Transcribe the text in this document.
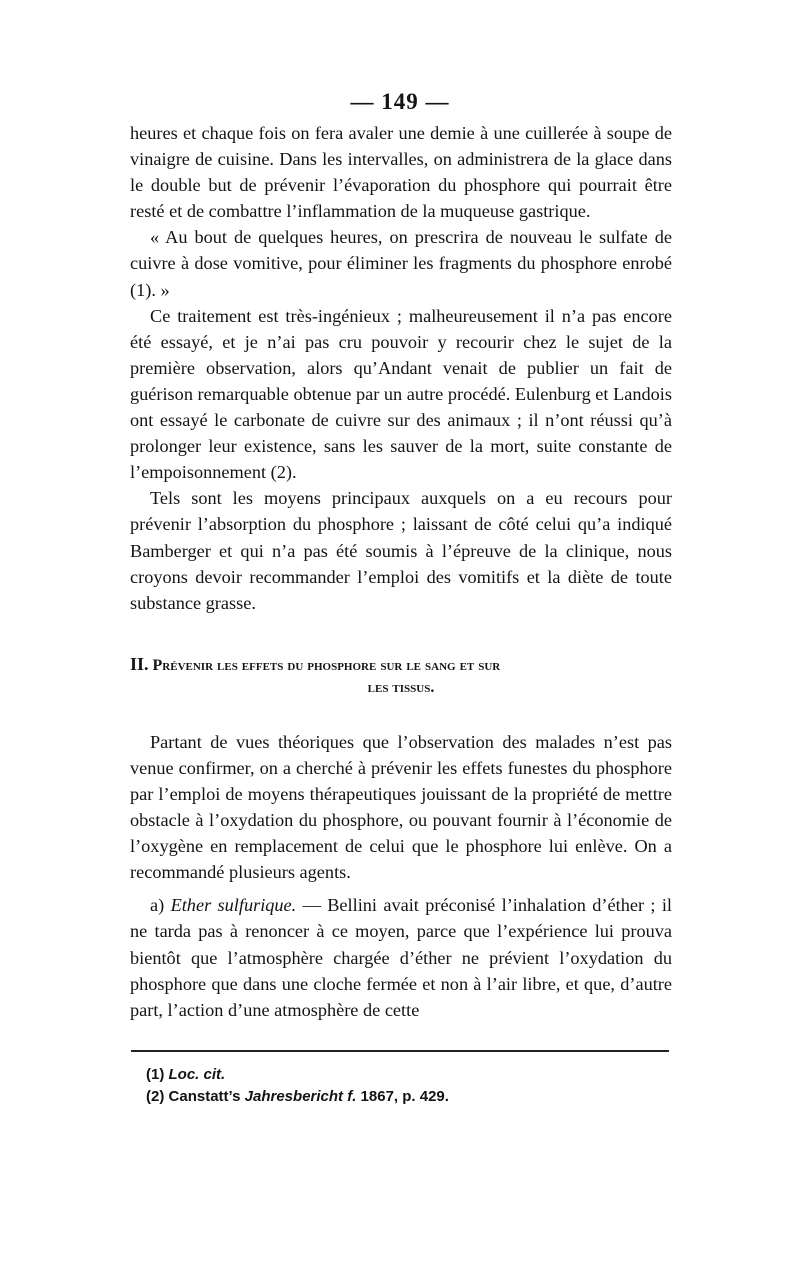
— 149 —

heures et chaque fois on fera avaler une demie à une cuillerée à soupe de vinaigre de cuisine. Dans les intervalles, on administrera de la glace dans le double but de prévenir l’évaporation du phosphore qui pourrait être resté et de combattre l’inflammation de la muqueuse gastrique.

« Au bout de quelques heures, on prescrira de nouveau le sulfate de cuivre à dose vomitive, pour éliminer les fragments du phosphore enrobé (1). »

Ce traitement est très-ingénieux ; malheureusement il n’a pas encore été essayé, et je n’ai pas cru pouvoir y recourir chez le sujet de la première observation, alors qu’Andant venait de publier un fait de guérison remarquable obtenue par un autre procédé. Eulenburg et Landois ont essayé le carbonate de cuivre sur des animaux ; il n’ont réussi qu’à prolonger leur existence, sans les sauver de la mort, suite constante de l’empoisonnement (2).

Tels sont les moyens principaux auxquels on a eu recours pour prévenir l’absorption du phosphore ; laissant de côté celui qu’a indiqué Bamberger et qui n’a pas été soumis à l’épreuve de la clinique, nous croyons devoir recommander l’emploi des vomitifs et la diète de toute substance grasse.

II. Prévenir les effets du phosphore sur le sang et sur
les tissus.

Partant de vues théoriques que l’observation des malades n’est pas venue confirmer, on a cherché à prévenir les effets funestes du phosphore par l’emploi de moyens thérapeutiques jouissant de la propriété de mettre obstacle à l’oxydation du phosphore, ou pouvant fournir à l’économie de l’oxygène en remplacement de celui que le phosphore lui enlève. On a recommandé plusieurs agents.

a) Ether sulfurique. — Bellini avait préconisé l’inhalation d’éther ; il ne tarda pas à renoncer à ce moyen, parce que l’expérience lui prouva bientôt que l’atmosphère chargée d’éther ne prévient l’oxydation du phosphore que dans une cloche fermée et non à l’air libre, et que, d’autre part, l’action d’une atmosphère de cette

(1) Loc. cit.
(2) Canstatt’s Jahresbericht f. 1867, p. 429.
